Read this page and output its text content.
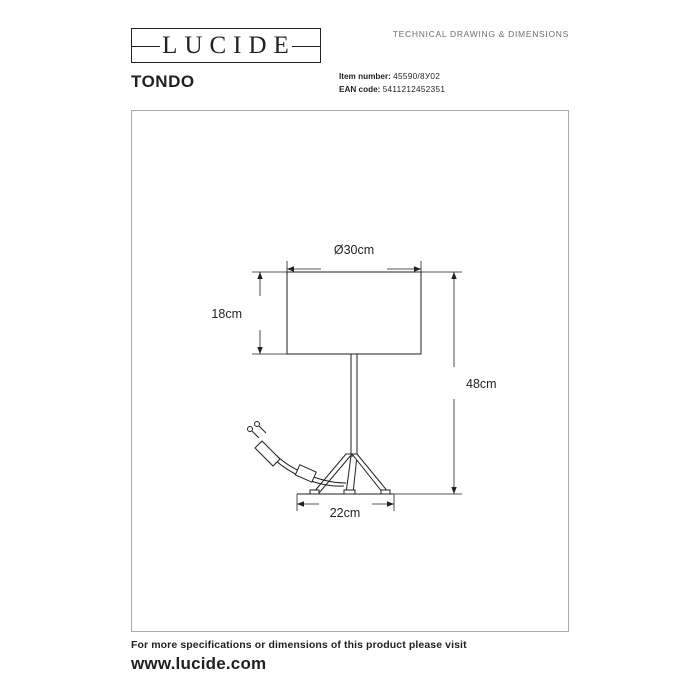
LUCIDE	TECHNICAL DRAWING & DIMENSIONS
TONDO	Item number: 45590/8У02
EAN code: 5411212452351
Ø30cm
18cm
48cm
22cm
For more specifications or dimensions of this product please visit
www.lucide.com
